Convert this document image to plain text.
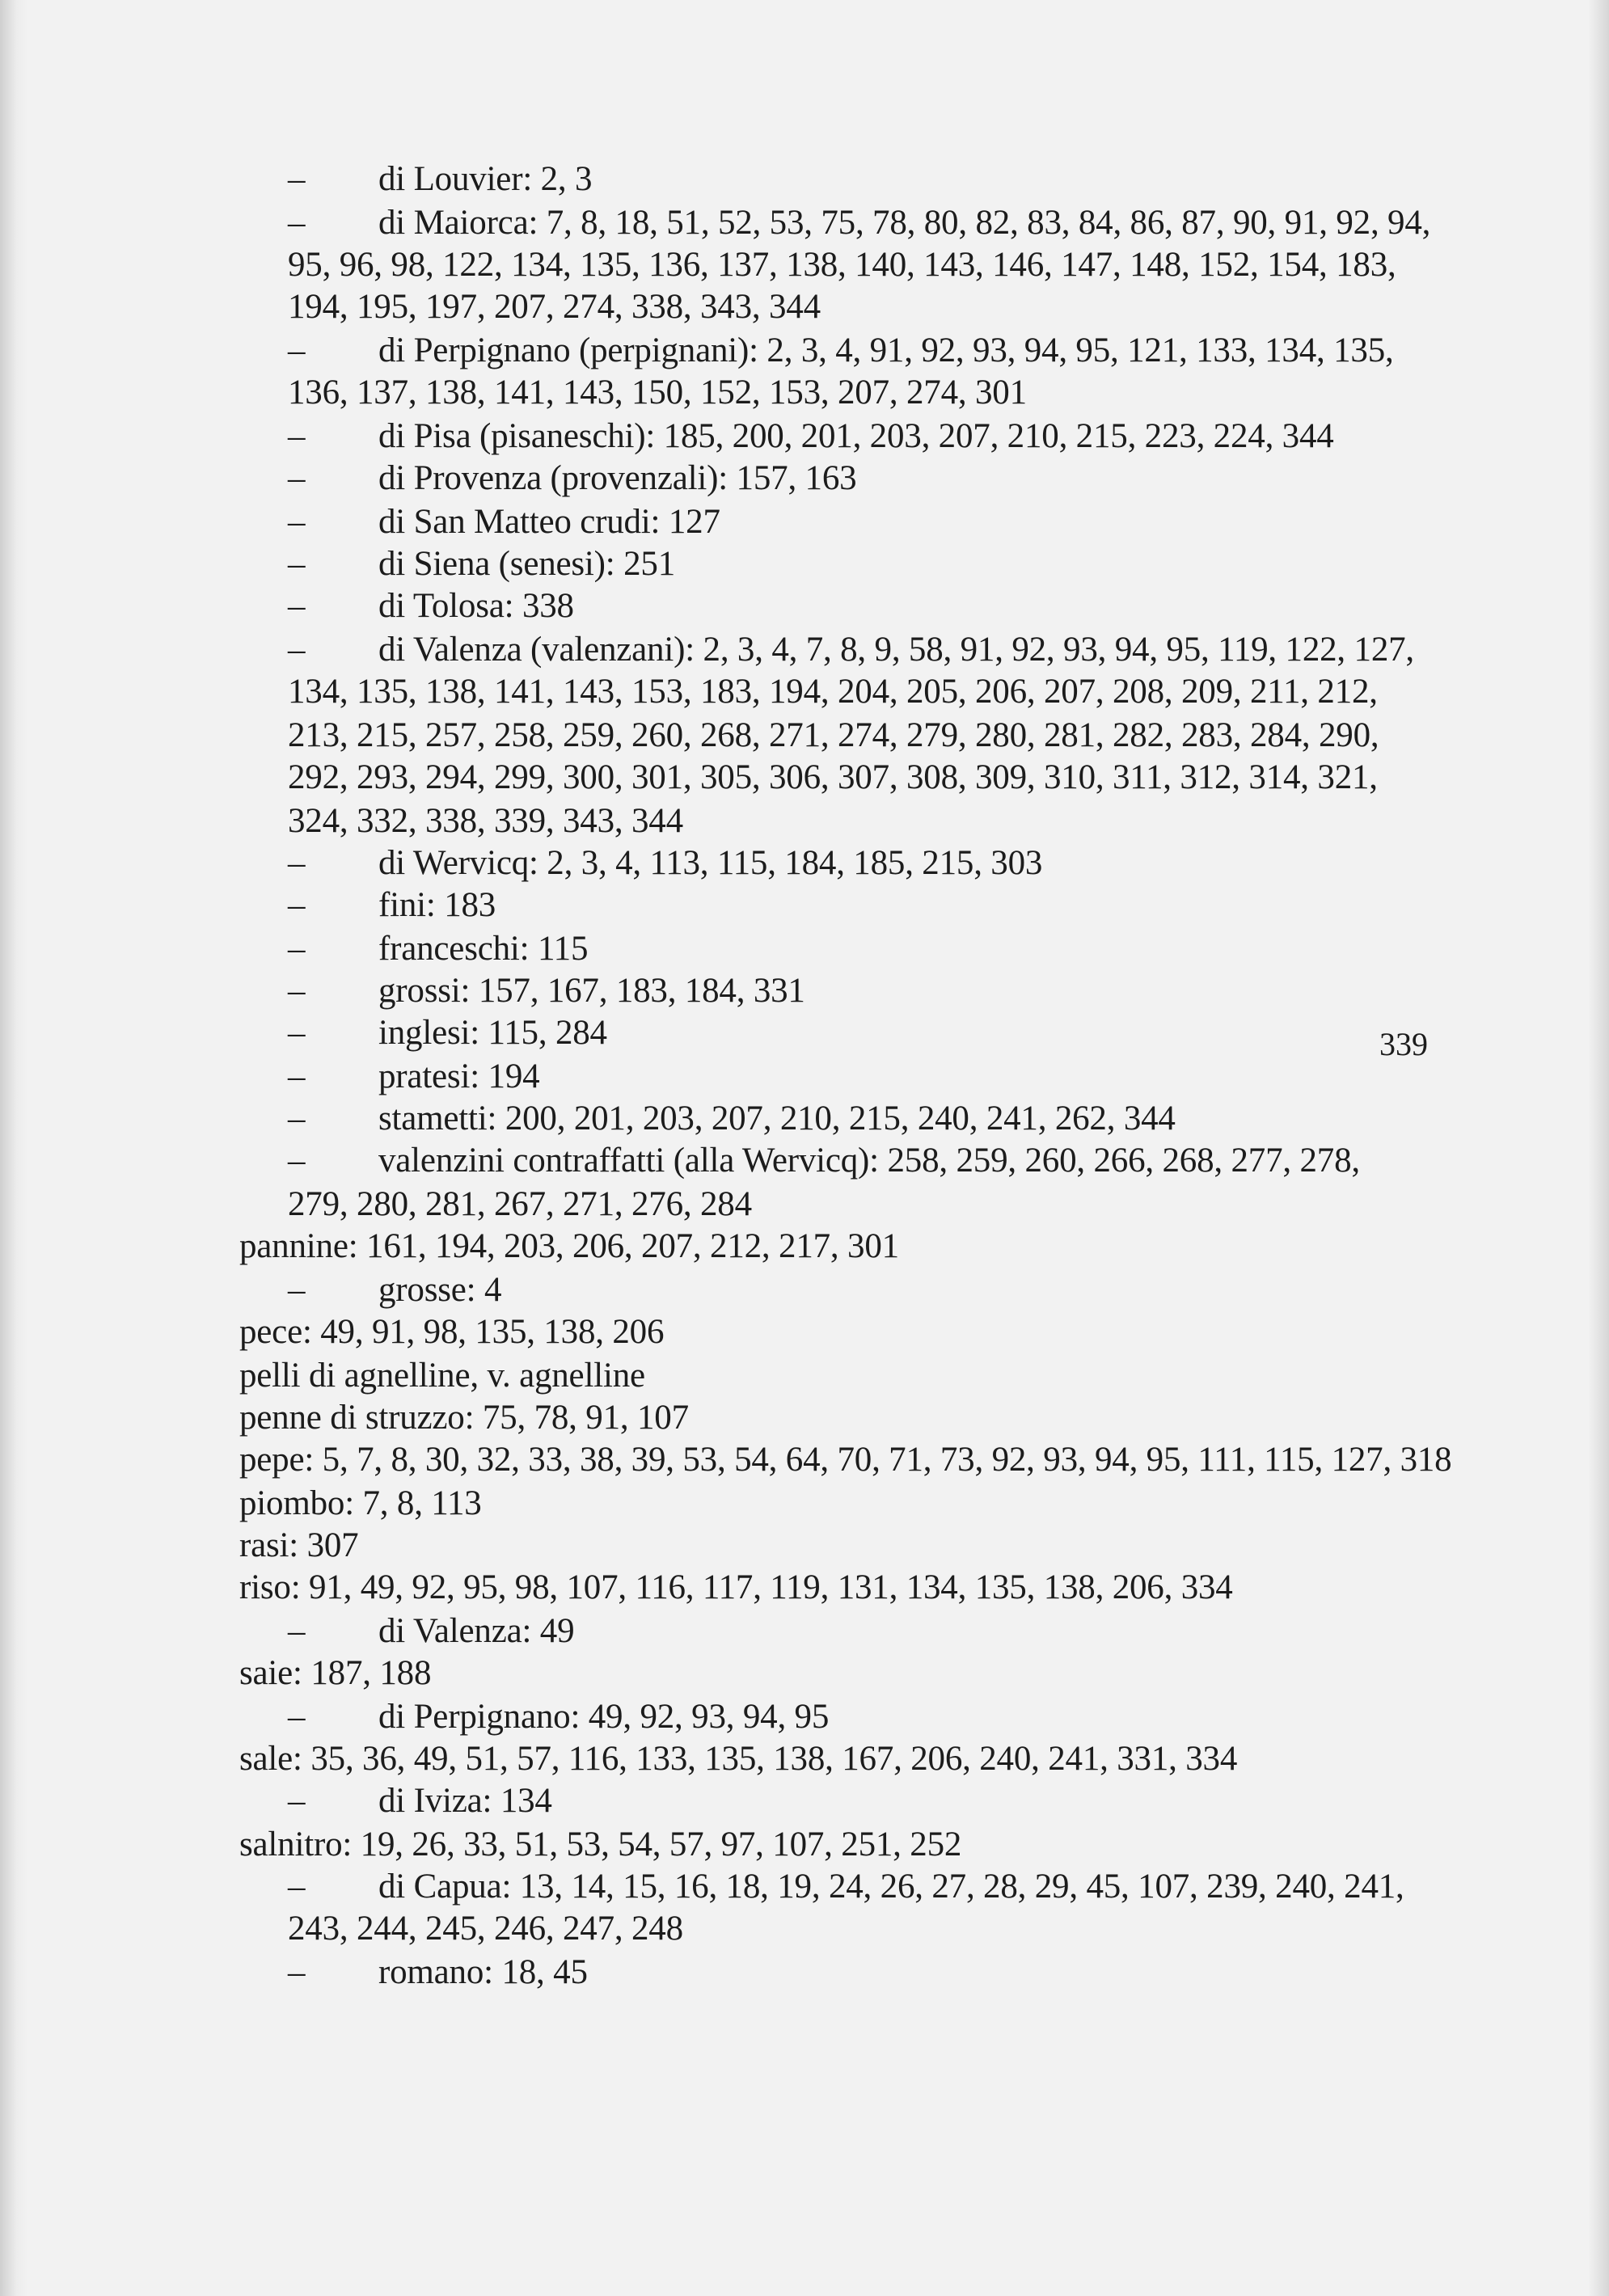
– di Louvier: 2, 3
– di Maiorca: 7, 8, 18, 51, 52, 53, 75, 78, 80, 82, 83, 84, 86, 87, 90, 91, 92, 94,
95, 96, 98, 122, 134, 135, 136, 137, 138, 140, 143, 146, 147, 148, 152, 154, 183,
194, 195, 197, 207, 274, 338, 343, 344
– di Perpignano (perpignani): 2, 3, 4, 91, 92, 93, 94, 95, 121, 133, 134, 135,
136, 137, 138, 141, 143, 150, 152, 153, 207, 274, 301
– di Pisa (pisaneschi): 185, 200, 201, 203, 207, 210, 215, 223, 224, 344
– di Provenza (provenzali): 157, 163
– di San Matteo crudi: 127
– di Siena (senesi): 251
– di Tolosa: 338
– di Valenza (valenzani): 2, 3, 4, 7, 8, 9, 58, 91, 92, 93, 94, 95, 119, 122, 127,
134, 135, 138, 141, 143, 153, 183, 194, 204, 205, 206, 207, 208, 209, 211, 212,
213, 215, 257, 258, 259, 260, 268, 271, 274, 279, 280, 281, 282, 283, 284, 290,
292, 293, 294, 299, 300, 301, 305, 306, 307, 308, 309, 310, 311, 312, 314, 321,
324, 332, 338, 339, 343, 344
– di Wervicq: 2, 3, 4, 113, 115, 184, 185, 215, 303
– fini: 183
– franceschi: 115
– grossi: 157, 167, 183, 184, 331
– inglesi: 115, 284
– pratesi: 194
– stametti: 200, 201, 203, 207, 210, 215, 240, 241, 262, 344
– valenzini contraffatti (alla Wervicq): 258, 259, 260, 266, 268, 277, 278,
279, 280, 281, 267, 271, 276, 284
pannine: 161, 194, 203, 206, 207, 212, 217, 301
– grosse: 4
pece: 49, 91, 98, 135, 138, 206
pelli di agnelline, v. agnelline
penne di struzzo: 75, 78, 91, 107
pepe: 5, 7, 8, 30, 32, 33, 38, 39, 53, 54, 64, 70, 71, 73, 92, 93, 94, 95, 111, 115, 127, 318
piombo: 7, 8, 113
rasi: 307
riso: 91, 49, 92, 95, 98, 107, 116, 117, 119, 131, 134, 135, 138, 206, 334
– di Valenza: 49
saie: 187, 188
– di Perpignano: 49, 92, 93, 94, 95
sale: 35, 36, 49, 51, 57, 116, 133, 135, 138, 167, 206, 240, 241, 331, 334
– di Iviza: 134
salnitro: 19, 26, 33, 51, 53, 54, 57, 97, 107, 251, 252
– di Capua: 13, 14, 15, 16, 18, 19, 24, 26, 27, 28, 29, 45, 107, 239, 240, 241,
243, 244, 245, 246, 247, 248
– romano: 18, 45
339
